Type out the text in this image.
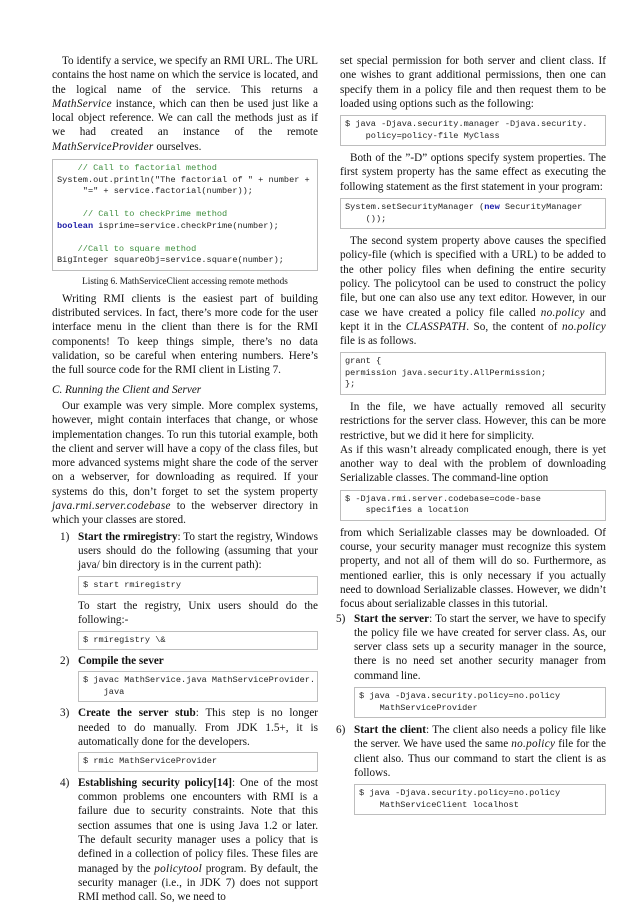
To identify a service, we specify an RMI URL. The URL contains the host name on which the service is located, and the logical name of the service. This returns a MathService instance, which can then be used just like a local object reference. We can call the methods just as if we had created an instance of the remote MathServiceProvider ourselves.

// Call to factorial method
System.out.println("The factorial of " + number +
"=" + service.factorial(number));

// Call to checkPrime method
boolean isprime=service.checkPrime(number);

//Call to square method
BigInteger squareObj=service.square(number);
Listing 6. MathServiceClient accessing remote methods

Writing RMI clients is the easiest part of building distributed services. In fact, there’s more code for the user interface menu in the client than there is for the RMI components! To keep things simple, there’s no data validation, so be careful when entering numbers. Here’s the full source code for the RMI client in Listing 7.

C. Running the Client and Server

Our example was very simple. More complex systems, however, might contain interfaces that change, or whose implementation changes. To run this tutorial example, both the client and server will have a copy of the class files, but more advanced systems might share the code of the server on a webserver, for downloading as required. If your systems do this, don’t forget to set the system property java.rmi.server.codebase to the webserver directory in which your classes are stored.

1) Start the rmiregistry: To start the registry, Windows users should do the following (assuming that your java/ bin directory is in the current path):

$ start rmiregistry

To start the registry, Unix users should do the following:-

$ rmiregistry \&
2) Compile the sever

$ javac MathService.java MathServiceProvider.
java
3) Create the server stub: This step is no longer needed to do manually. From JDK 1.5+, it is automatically done for the developers.

$ rmic MathServiceProvider
4) Establishing security policy[14]: One of the most common problems one encounters with RMI is a failure due to security constraints. Note that this section assumes that one is using Java 1.2 or later. The default security manager uses a policy that is defined in a collection of policy files. These files are managed by the policytool program. By default, the security manager (i.e., in JDK 7) does not support RMI method call. So, we need to

set special permission for both server and client class. If one wishes to grant additional permissions, then one can specify them in a policy file and then request them to be loaded using options such as the following:

$ java -Djava.security.manager -Djava.security.
policy=policy-file MyClass

Both of the ”-D” options specify system properties. The first system property has the same effect as executing the following statement as the first statement in your program:

System.setSecurityManager (new SecurityManager
());

The second system property above causes the specified policy-file (which is specified with a URL) to be added to the other policy files when defining the entire security policy. The policytool can be used to construct the policy file, but one can also use any text editor. However, in our case we have created a policy file called no.policy and kept it in the CLASSPATH. So, the content of no.policy file is as follows.

grant {
permission java.security.AllPermission;
};

In the file, we have actually removed all security restrictions for the server class. However, this can be more restrictive, but we did it here for simplicity.

As if this wasn’t already complicated enough, there is yet another way to deal with the problem of downloading Serializable classes. The command-line option

$ -Djava.rmi.server.codebase=code-base
specifies a location

from which Serializable classes may be downloaded. Of course, your security manager must recognize this system property, and not all of them will do so. Furthermore, as mentioned earlier, this is only necessary if you actually need to download Serializable classes. However, we didn’t focus about serializable classes in this tutorial.

5) Start the server: To start the server, we have to specify the policy file we have created for server class. As, our server class sets up a security manager in the source, there is no need set another security manager from command line.

$ java -Djava.security.policy=no.policy
MathServiceProvider
6) Start the client: The client also needs a policy file like the server. We have used the same no.policy file for the client also. Thus our command to start the client is as follows.

$ java -Djava.security.policy=no.policy
MathServiceClient localhost
